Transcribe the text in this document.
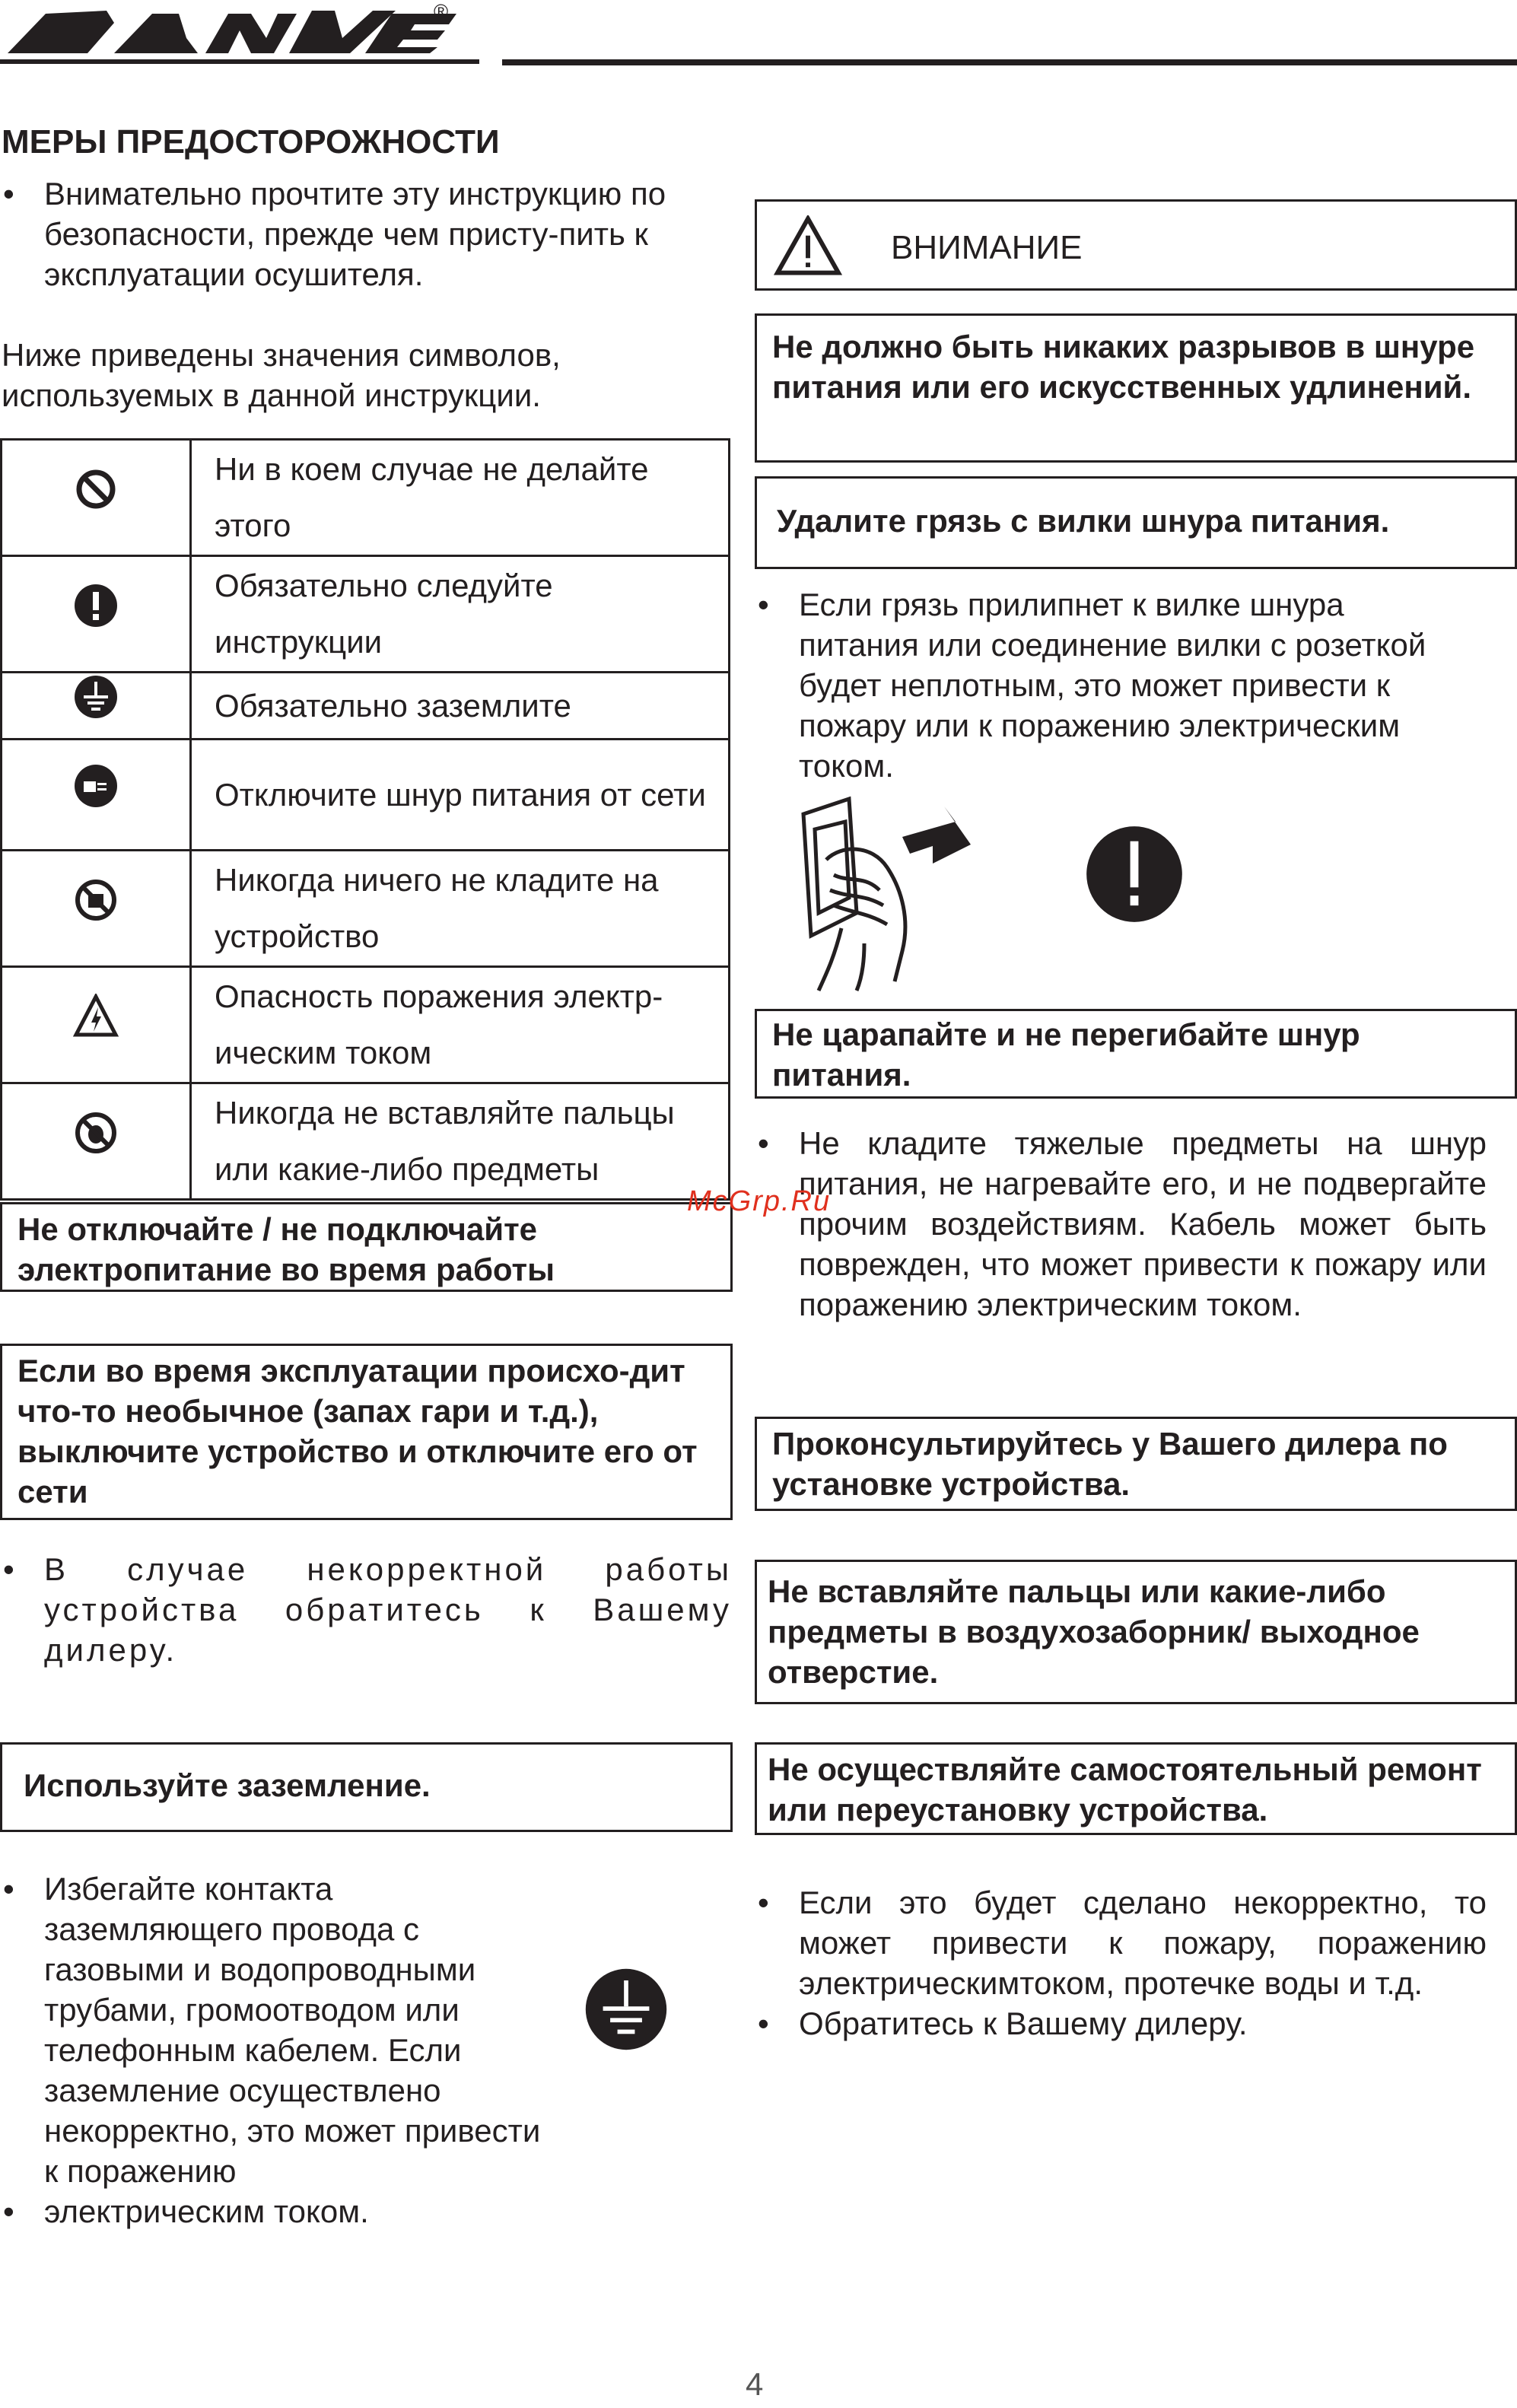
®
МЕРЫ ПРЕДОСТОРОЖНОСТИ
• Внимательно прочтите эту инструкцию по безопасности, прежде чем присту-пить к эксплуатации осушителя.
Ниже приведены значения символов, используемых в данной инструкции.
	Ни в коем случае не делайте этого
	Обязательно следуйте инструкции
	Обязательно заземлите
	Отключите шнур питания от сети
	Никогда ничего не кладите на устройство
	Опасность поражения электр-ическим током
	Никогда не вставляйте пальцы или какие-либо предметы
Не отключайте / не подключайте электропитание во время работы
Если во время эксплуатации происхо-дит что-то необычное (запах гари и т.д.), выключите устройство и отключите его от сети
• В случае некорректной работы устройства обратитесь к Вашему дилеру.
Используйте заземление.
• Избегайте контакта заземляющего провода с газовыми и водопроводными трубами, громоотводом или телефонным кабелем. Если заземление осуществлено некорректно, это может привести к поражению
• электрическим током.
ВНИМАНИЕ
Не должно быть никаких разрывов в шнуре питания или его искусственных удлинений.
Удалите грязь с вилки шнура питания.
• Если грязь прилипнет к вилке шнура питания или соединение вилки с розеткой будет неплотным, это может привести к пожару или к поражению электрическим током.
Не царапайте и не перегибайте шнур питания.
• Не кладите тяжелые предметы на шнур питания, не нагревайте его, и не подвергайте прочим воздействиям. Кабель может быть поврежден, что может привести к пожару или поражению электрическим током.
Проконсультируйтесь у Вашего дилера по установке устройства.
Не вставляйте пальцы или какие-либо предметы в воздухозаборник/ выходное отверстие.
Не осуществляйте самостоятельный ремонт или переустановку устройства.
• Если это будет сделано некорректно, то может привести к пожару, поражению электрическимтоком, протечке воды и т.д.
• Обратитесь к Вашему дилеру.
McGrp.Ru
4
